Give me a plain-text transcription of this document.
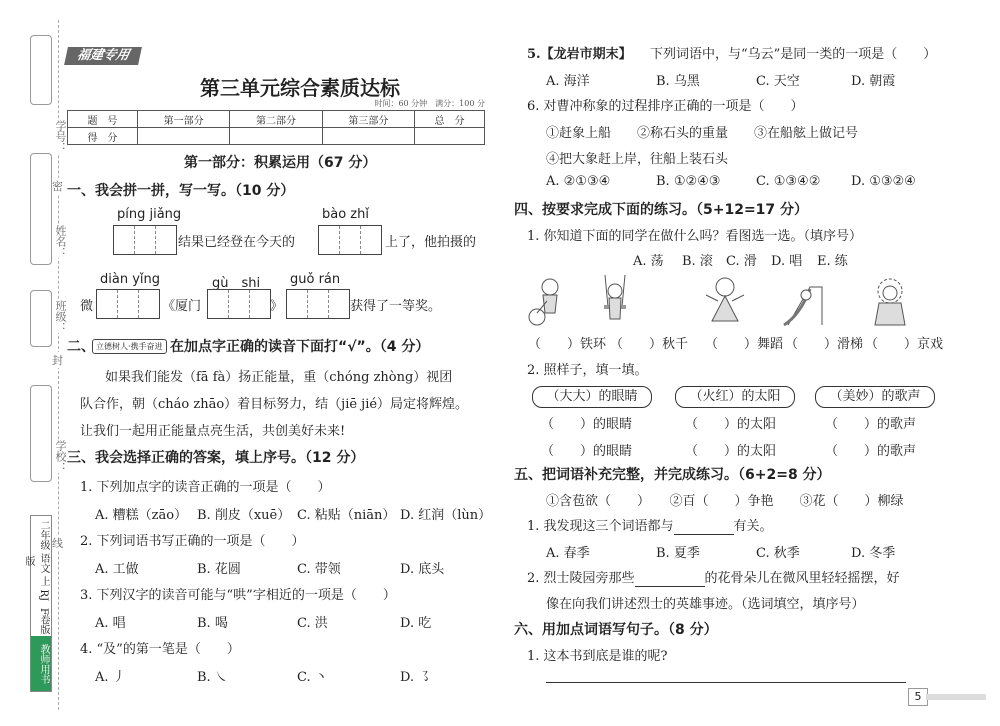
二年级 语文 上 RJ版
F卷版
教师用书
学号：
密
姓名：
班级：
封
学校：
线
福建专用
第三单元综合素质达标
时间：60 分钟　满分：100 分
题　号	第一部分	第二部分	第三部分	总　分
得　分				
第一部分：积累运用（67 分）
一、我会拼一拼，写一写。（10 分）
píng jiǎng	bào zhǐ
结果已经登在今天的	上了，他拍摄的
diàn yǐng	gù　shi guǒ rán
微	《厦门	》	获得了一等奖。
二、 立德树人·携手奋进 在加点字正确的读音下面打“√”。（4 分）
如果我们能发（fā fà）扬正能量，重（chóng zhòng）视团
队合作，朝（cháo zhāo）着目标努力，结（jiē jié）局定将辉煌。
让我们一起用正能量点亮生活，共创美好未来!
三、我会选择正确的答案，填上序号。（12 分）
1. 下列加点字的读音正确的一项是（　　）
A. 糟糕（zāo） B. 削皮（xuē） C. 粘贴（niān） D. 红润（lùn）
2. 下列词语书写正确的一项是（　　）
A. 工做	B. 花圆	C. 带领	D. 底头
3. 下列汉字的读音可能与“哄”字相近的一项是（　　）
A. 唱	B. 喝	C. 洪	D. 吃
4. “及”的第一笔是（　　）
A. 丿	B. ㇏	C. 丶	D. ㇌
5.【龙岩市期末】 下列词语中，与“乌云”是同一类的一项是（　　）
A. 海洋	B. 乌黑	C. 天空	D. 朝霞
6. 对曹冲称象的过程排序正确的一项是（　　）
①赶象上船　　②称石头的重量　　③在船舷上做记号
④把大象赶上岸，往船上装石头
A. ②①③④	B. ①②④③	C. ①③④② D. ①③②④
四、按要求完成下面的练习。（5+12=17 分）
1. 你知道下面的同学在做什么吗？看图选一选。（填序号）
A. 荡 B. 滚 C. 滑 D. 唱 E. 练
（　　）铁环 （　　）秋千 （　　）舞蹈 （　　）滑梯 （　　）京戏
2. 照样子，填一填。
（大大）的眼睛	（火红）的太阳	（美妙）的歌声
（　　）的眼睛	（　　）的太阳	（　　）的歌声
（　　）的眼睛	（　　）的太阳	（　　）的歌声
五、把词语补充完整，并完成练习。（6+2=8 分）
①含苞欲（　　）　　②百（　　）争艳　　③花（　　）柳绿
1. 我发现这三个词语都与	有关。
A. 春季	B. 夏季	C. 秋季	D. 冬季
2. 烈士陵园旁那些	的花骨朵儿在微风里轻轻摇摆，好
像在向我们讲述烈士的英雄事迹。（选词填空，填序号）
六、用加点词语写句子。（8 分）
1. 这本书到底是谁的呢?
5
